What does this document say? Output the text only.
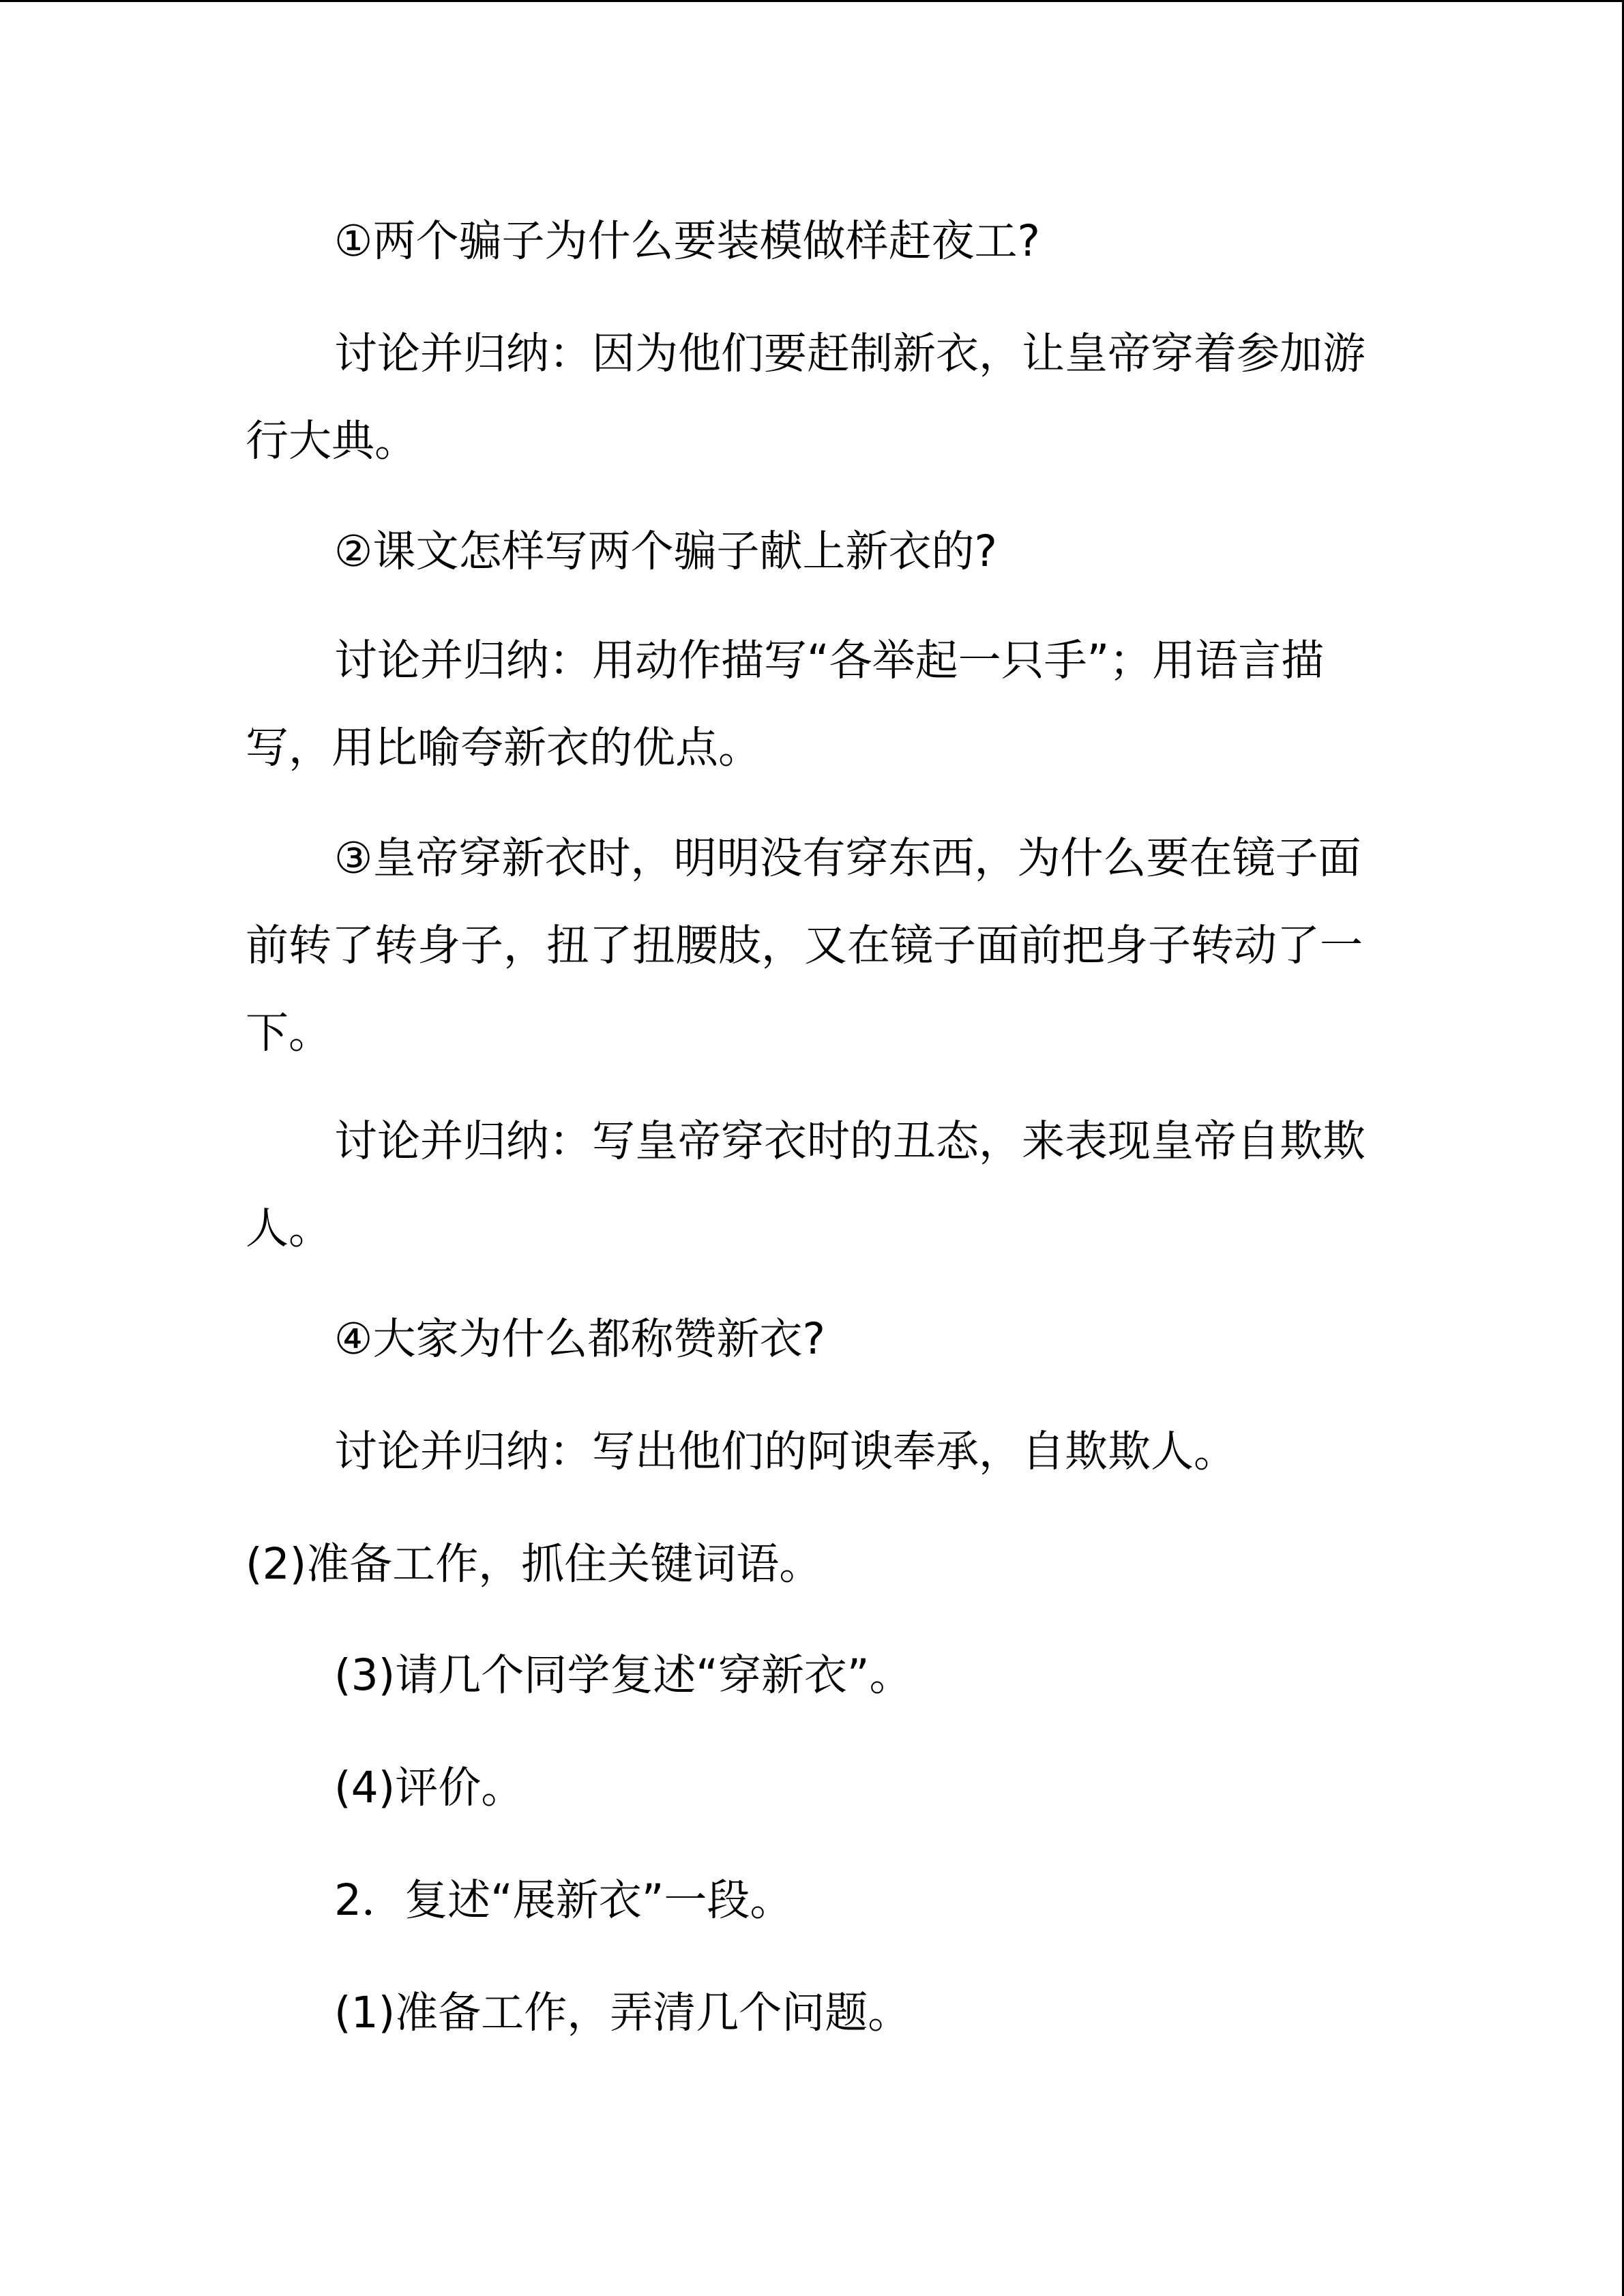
①两个骗子为什么要装模做样赶夜工?
讨论并归纳：因为他们要赶制新衣，让皇帝穿着参加游行大典。
②课文怎样写两个骗子献上新衣的?
讨论并归纳：用动作描写“各举起一只手”；用语言描写，用比喻夸新衣的优点。
③皇帝穿新衣时，明明没有穿东西，为什么要在镜子面前转了转身子，扭了扭腰肢，又在镜子面前把身子转动了一下。
讨论并归纳：写皇帝穿衣时的丑态，来表现皇帝自欺欺人。
④大家为什么都称赞新衣?
讨论并归纳：写出他们的阿谀奉承，自欺欺人。
(2)准备工作，抓住关键词语。
(3)请几个同学复述“穿新衣”。
(4)评价。
2．复述“展新衣”一段。
(1)准备工作，弄清几个问题。
